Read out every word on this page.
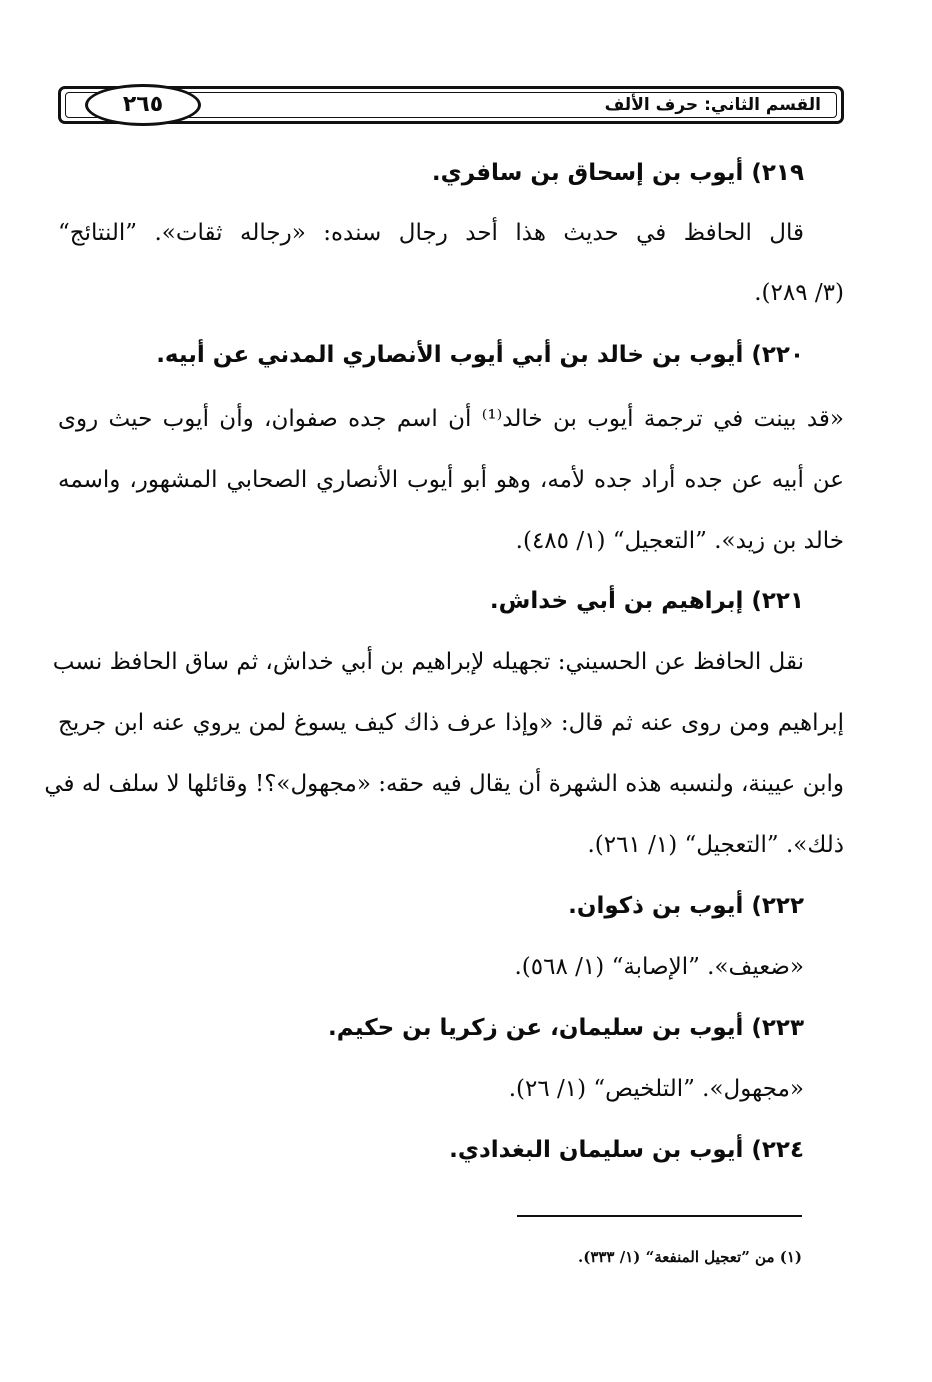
القسم الثاني: حرف الألف
٢٦٥
٢١٩) أيوب بن إسحاق بن سافري.
قال الحافظ في حديث هذا أحد رجال سنده: «رجاله ثقات». ”النتائج“
(٣/ ٢٨٩).
٢٢٠) أيوب بن خالد بن أبي أيوب الأنصاري المدني عن أبيه.
«قد بينت في ترجمة أيوب بن خالد⁽¹⁾ أن اسم جده صفوان، وأن أيوب حيث روى
عن أبيه عن جده أراد جده لأمه، وهو أبو أيوب الأنصاري الصحابي المشهور، واسمه
خالد بن زيد». ”التعجيل“ (١/ ٤٨٥).
٢٢١) إبراهيم بن أبي خداش.
نقل الحافظ عن الحسيني: تجهيله لإبراهيم بن أبي خداش، ثم ساق الحافظ نسب
إبراهيم ومن روى عنه ثم قال: «وإذا عرف ذاك كيف يسوغ لمن يروي عنه ابن جريج
وابن عيينة، ولنسبه هذه الشهرة أن يقال فيه حقه: «مجهول»؟! وقائلها لا سلف له في
ذلك». ”التعجيل“ (١/ ٢٦١).
٢٢٢) أيوب بن ذكوان.
«ضعيف». ”الإصابة“ (١/ ٥٦٨).
٢٢٣) أيوب بن سليمان، عن زكريا بن حكيم.
«مجهول». ”التلخيص“ (١/ ٢٦).
٢٢٤) أيوب بن سليمان البغدادي.
(١) من ”تعجيل المنفعة“ (١/ ٣٣٣).
